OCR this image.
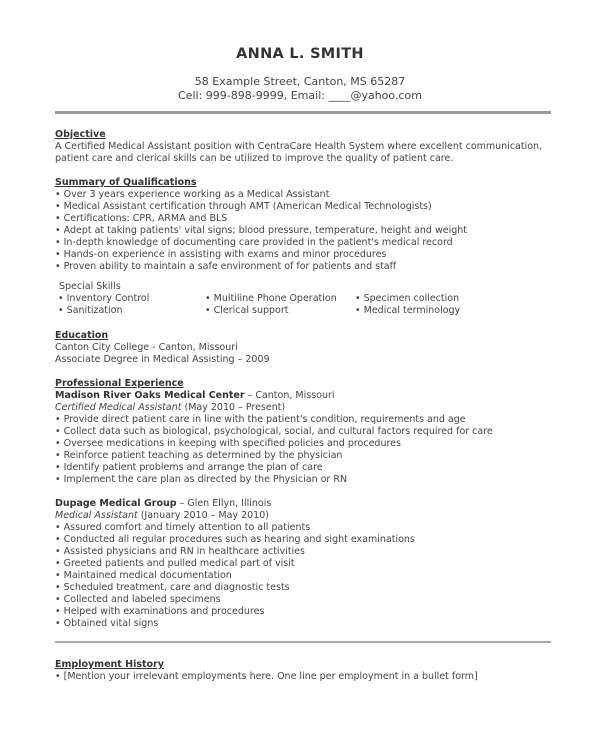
ANNA L. SMITH
58 Example Street, Canton, MS 65287
Cell: 999-898-9999, Email: ____@yahoo.com
Objective
A Certified Medical Assistant position with CentraCare Health System where excellent communication,
patient care and clerical skills can be utilized to improve the quality of patient care.
Summary of Qualifications
• Over 3 years experience working as a Medical Assistant
• Medical Assistant certification through AMT (American Medical Technologists)
• Certifications: CPR, ARMA and BLS
• Adept at taking patients' vital signs; blood pressure, temperature, height and weight
• In-depth knowledge of documenting care provided in the patient's medical record
• Hands-on experience in assisting with exams and minor procedures
• Proven ability to maintain a safe environment of for patients and staff
Special Skills
• Inventory Control	• Multiline Phone Operation	• Specimen collection
• Sanitization	• Clerical support	• Medical terminology
Education
Canton City College - Canton, Missouri
Associate Degree in Medical Assisting – 2009
Professional Experience
Madison River Oaks Medical Center – Canton, Missouri
Certified Medical Assistant (May 2010 – Present)
• Provide direct patient care in line with the patient's condition, requirements and age
• Collect data such as biological, psychological, social, and cultural factors required for care
• Oversee medications in keeping with specified policies and procedures
• Reinforce patient teaching as determined by the physician
• Identify patient problems and arrange the plan of care
• Implement the care plan as directed by the Physician or RN
Dupage Medical Group – Glen Ellyn, Illinois
Medical Assistant (January 2010 – May 2010)
• Assured comfort and timely attention to all patients
• Conducted all regular procedures such as hearing and sight examinations
• Assisted physicians and RN in healthcare activities
• Greeted patients and pulled medical part of visit
• Maintained medical documentation
• Scheduled treatment, care and diagnostic tests
• Collected and labeled specimens
• Helped with examinations and procedures
• Obtained vital signs
Employment History
• [Mention your irrelevant employments here. One line per employment in a bullet form]
